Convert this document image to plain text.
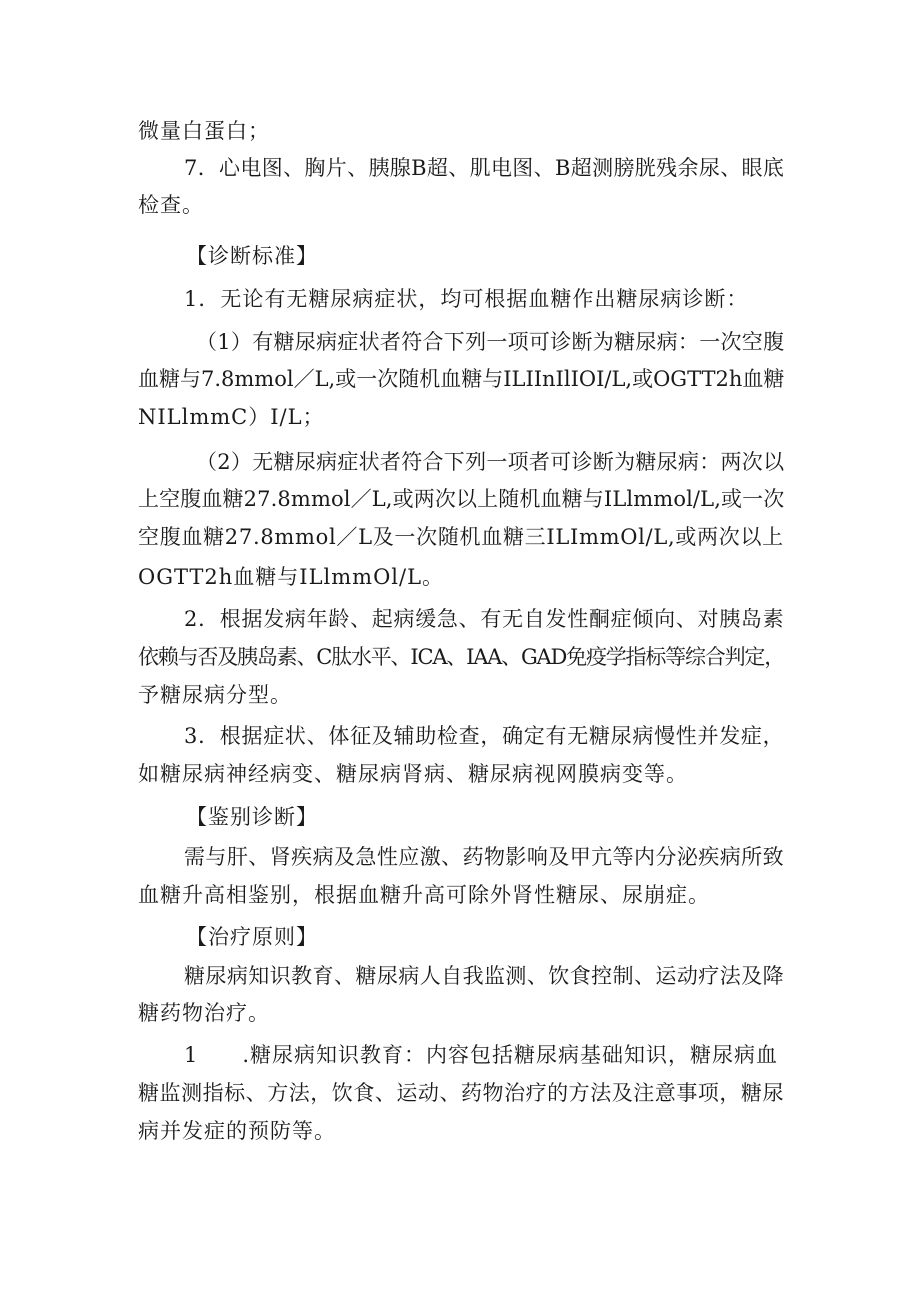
微量白蛋白；
7．心电图、胸片、胰腺B超、肌电图、B超测膀胱残余尿、眼底
检查。
【诊断标准】
1．无论有无糖尿病症状，均可根据血糖作出糖尿病诊断：
（1）有糖尿病症状者符合下列一项可诊断为糖尿病：一次空腹
血糖与7.8mmol／L,或一次随机血糖与ILIInIlIOI/L,或OGTT2h血糖
NILlmmC）I/L；
（2）无糖尿病症状者符合下列一项者可诊断为糖尿病：两次以
上空腹血糖27.8mmol／L,或两次以上随机血糖与ILlmmol/L,或一次
空腹血糖27.8mmol／L及一次随机血糖三ILImmOl/L,或两次以上
OGTT2h血糖与ILlmmOl/L。
2．根据发病年龄、起病缓急、有无自发性酮症倾向、对胰岛素
依赖与否及胰岛素、C肽水平、ICA、IAA、GAD免疫学指标等综合判定，
予糖尿病分型。
3．根据症状、体征及辅助检查，确定有无糖尿病慢性并发症，
如糖尿病神经病变、糖尿病肾病、糖尿病视网膜病变等。
【鉴别诊断】
需与肝、肾疾病及急性应激、药物影响及甲亢等内分泌疾病所致
血糖升高相鉴别，根据血糖升高可除外肾性糖尿、尿崩症。
【治疗原则】
糖尿病知识教育、糖尿病人自我监测、饮食控制、运动疗法及降
糖药物治疗。
1　　.糖尿病知识教育：内容包括糖尿病基础知识，糖尿病血
糖监测指标、方法，饮食、运动、药物治疗的方法及注意事项，糖尿
病并发症的预防等。
